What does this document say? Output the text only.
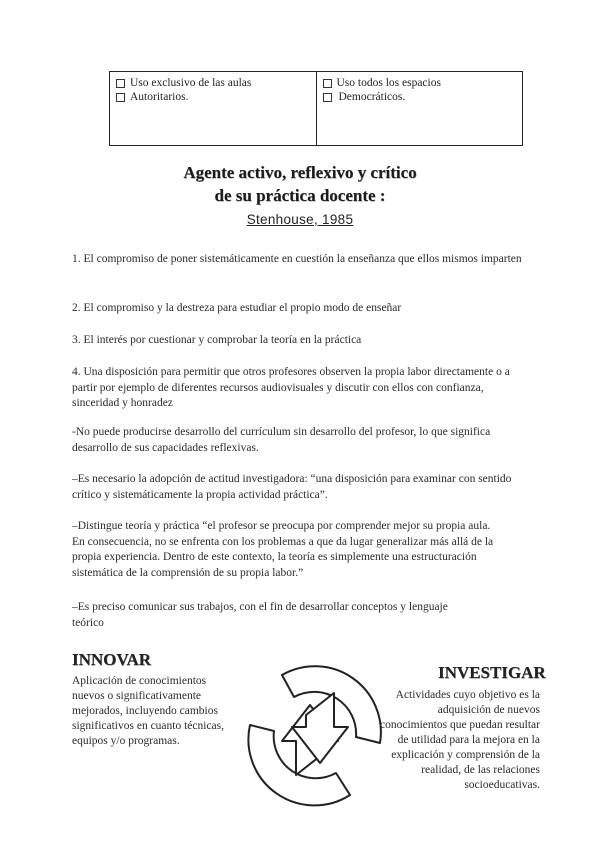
Uso exclusivo de las aulas
Autoritarios.
Uso todos los espacios
Democráticos.
Agente activo, reflexivo y crítico
de su práctica docente :
Stenhouse, 1985

1. El compromiso de poner sistemáticamente en cuestión la enseñanza que ellos mismos imparten

2. El compromiso y la destreza para estudiar el propio modo de enseñar

3. El interés por cuestionar y comprobar la teoría en la práctica

4. Una disposición para permitir que otros profesores observen la propia labor directamente o a partir por ejemplo de diferentes recursos audiovisuales y discutir con ellos con confianza, sinceridad y honradez

-No puede producirse desarrollo del currículum sin desarrollo del profesor, lo que significa desarrollo de sus capacidades reflexivas.

–Es necesario la adopción de actitud investigadora: “una disposición para examinar con sentido crítico y sistemáticamente la propia actividad práctica”.

–Distingue teoría y práctica “el profesor se preocupa por comprender mejor su propia aula. En consecuencia, no se enfrenta con los problemas a que da lugar generalizar más allá de la propia experiencia. Dentro de este contexto, la teoría es simplemente una estructuración sistemática de la comprensión de su propia labor.”

–Es preciso comunicar sus trabajos, con el fin de desarrollar conceptos y lenguaje teórico

INNOVAR

Aplicación de conocimientos nuevos o significativamente mejorados, incluyendo cambios significativos en cuanto técnicas, equipos y/o programas.

INVESTIGAR

Actividades cuyo objetivo es la adquisición de nuevos conocimientos que puedan resultar de utilidad para la mejora en la explicación y comprensión de la realidad, de las relaciones socioeducativas.
